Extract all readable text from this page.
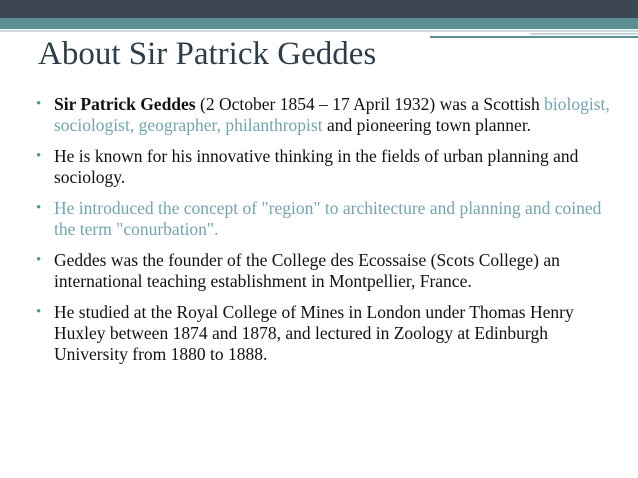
About Sir Patrick Geddes
• Sir Patrick Geddes (2 October 1854 – 17 April 1932) was a Scottish biologist, sociologist, geographer, philanthropist and pioneering town planner.
• He is known for his innovative thinking in the fields of urban planning and sociology.
• He introduced the concept of "region" to architecture and planning and coined the term "conurbation".
• Geddes was the founder of the College des Ecossaise (Scots College) an international teaching establishment in Montpellier, France.
• He studied at the Royal College of Mines in London under Thomas Henry Huxley between 1874 and 1878, and lectured in Zoology at Edinburgh University from 1880 to 1888.
